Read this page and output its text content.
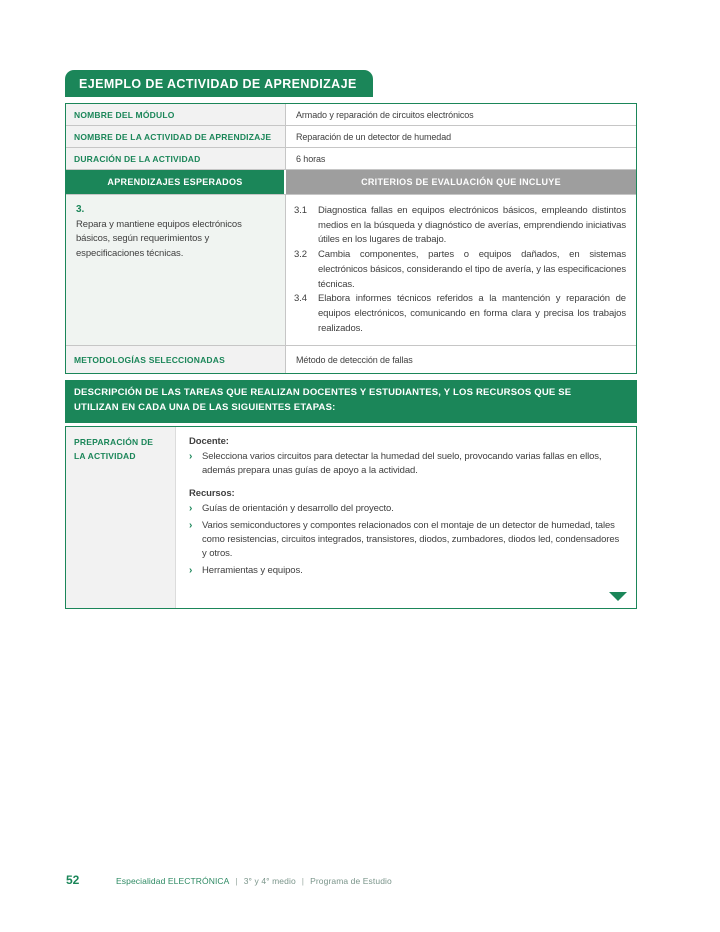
EJEMPLO DE ACTIVIDAD DE APRENDIZAJE
NOMBRE DEL MÓDULO	Armado y reparación de circuitos electrónicos
NOMBRE DE LA ACTIVIDAD DE APRENDIZAJE	Reparación de un detector de humedad
DURACIÓN DE LA ACTIVIDAD	6 horas
APRENDIZAJES ESPERADOS	CRITERIOS DE EVALUACIÓN QUE INCLUYE
3.
Repara y mantiene equipos electrónicos básicos, según requerimientos y especificaciones técnicas.
3.1	Diagnostica fallas en equipos electrónicos básicos, empleando distintos medios en la búsqueda y diagnóstico de averías, emprendiendo iniciativas útiles en los lugares de trabajo.
3.2	Cambia componentes, partes o equipos dañados, en sistemas electrónicos básicos, considerando el tipo de avería, y las especificaciones técnicas.
3.4	Elabora informes técnicos referidos a la mantención y reparación de equipos electrónicos, comunicando en forma clara y precisa los trabajos realizados.
METODOLOGÍAS SELECCIONADAS	Método de detección de fallas
DESCRIPCIÓN DE LAS TAREAS QUE REALIZAN DOCENTES Y ESTUDIANTES, Y LOS RECURSOS QUE SE UTILIZAN EN CADA UNA DE LAS SIGUIENTES ETAPAS:
PREPARACIÓN DE LA ACTIVIDAD
Docente:
›	Selecciona varios circuitos para detectar la humedad del suelo, provocando varias fallas en ellos, además prepara unas guías de apoyo a la actividad.
Recursos:
›	Guías de orientación y desarrollo del proyecto.
›	Varios semiconductores y compontes relacionados con el montaje de un detector de humedad, tales como resistencias, circuitos integrados, transistores, diodos, zumbadores, diodos led, condensadores y otros.
›	Herramientas y equipos.
52	Especialidad ELECTRÓNICA | 3° y 4° medio | Programa de Estudio
